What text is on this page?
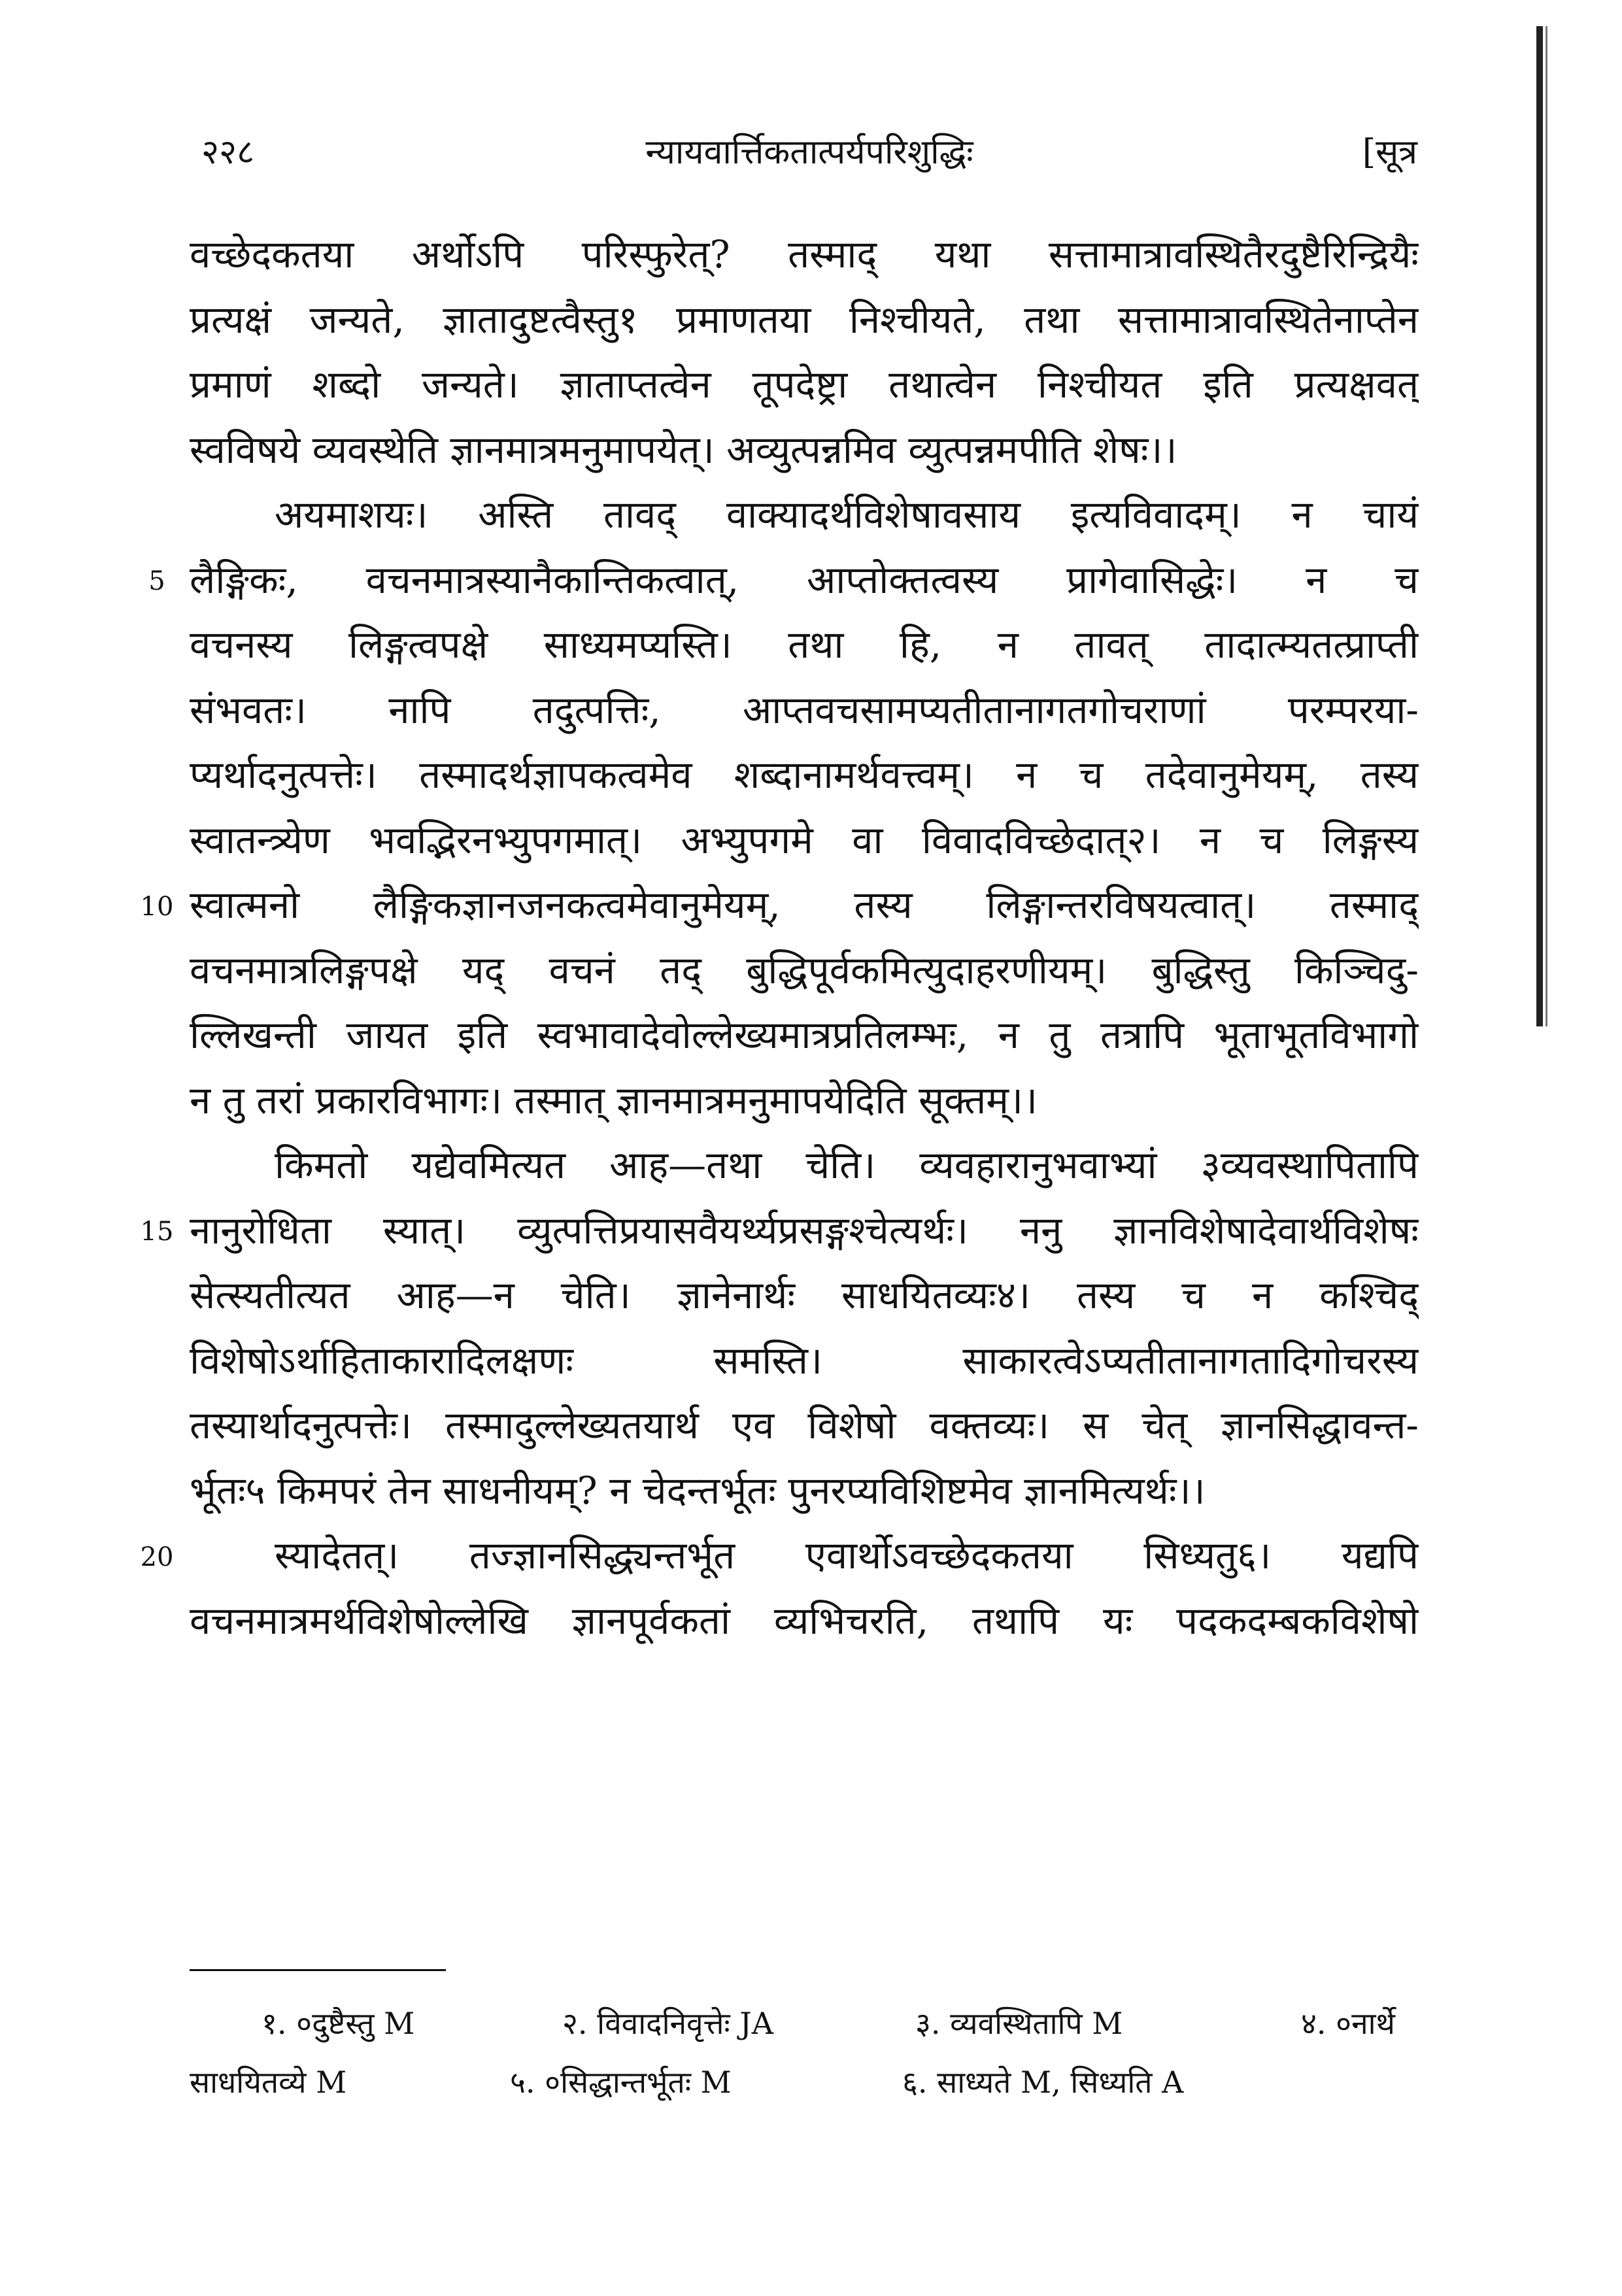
२२८	न्यायवार्त्तिकतात्पर्यपरिशुद्धिः	[सूत्र
5
10
15
20
वच्छेदकतया अर्थोऽपि परिस्फुरेत्? तस्माद् यथा सत्तामात्रावस्थितैरदुष्टैरिन्द्रियैः
प्रत्यक्षं जन्यते, ज्ञातादुष्टत्वैस्तु१ प्रमाणतया निश्चीयते, तथा सत्तामात्रावस्थितेनाप्तेन
प्रमाणं शब्दो जन्यते। ज्ञाताप्तत्वेन तूपदेष्ट्रा तथात्वेन निश्चीयत इति प्रत्यक्षवत्
स्वविषये व्यवस्थेति ज्ञानमात्रमनुमापयेत्। अव्युत्पन्नमिव व्युत्पन्नमपीति शेषः।।
अयमाशयः। अस्ति तावद् वाक्यादर्थविशेषावसाय इत्यविवादम्। न चायं
लैङ्गिकः, वचनमात्रस्यानैकान्तिकत्वात्, आप्तोक्तत्वस्य प्रागेवासिद्धेः। न च
वचनस्य लिङ्गत्वपक्षे साध्यमप्यस्ति। तथा हि, न तावत् तादात्म्यतत्प्राप्ती
संभवतः। नापि तदुत्पत्तिः, आप्तवचसामप्यतीतानागतगोचराणां परम्परया-
प्यर्थादनुत्पत्तेः। तस्मादर्थज्ञापकत्वमेव शब्दानामर्थवत्त्वम्। न च तदेवानुमेयम्, तस्य
स्वातन्त्र्येण भवद्भिरनभ्युपगमात्। अभ्युपगमे वा विवादविच्छेदात्२। न च लिङ्गस्य
स्वात्मनो लैङ्गिकज्ञानजनकत्वमेवानुमेयम्, तस्य लिङ्गान्तरविषयत्वात्। तस्माद्
वचनमात्रलिङ्गपक्षे यद् वचनं तद् बुद्धिपूर्वकमित्युदाहरणीयम्। बुद्धिस्तु किञ्चिदु-
ल्लिखन्ती जायत इति स्वभावादेवोल्लेख्यमात्रप्रतिलम्भः, न तु तत्रापि भूताभूतविभागो
न तु तरां प्रकारविभागः। तस्मात् ज्ञानमात्रमनुमापयेदिति सूक्तम्।।
किमतो यद्येवमित्यत आह—तथा चेति। व्यवहारानुभवाभ्यां ३व्यवस्थापितापि
नानुरोधिता स्यात्। व्युत्पत्तिप्रयासवैयर्थ्यप्रसङ्गश्चेत्यर्थः। ननु ज्ञानविशेषादेवार्थविशेषः
सेत्स्यतीत्यत आह—न चेति। ज्ञानेनार्थः साधयितव्यः४। तस्य च न कश्चिद्
विशेषोऽर्थाहिताकारादिलक्षणः समस्ति। साकारत्वेऽप्यतीतानागतादिगोचरस्य
तस्यार्थादनुत्पत्तेः। तस्मादुल्लेख्यतयार्थ एव विशेषो वक्तव्यः। स चेत् ज्ञानसिद्धावन्त-
र्भूतः५ किमपरं तेन साधनीयम्? न चेदन्तर्भूतः पुनरप्यविशिष्टमेव ज्ञानमित्यर्थः।।
स्यादेतत्। तज्ज्ञानसिद्ध्यन्तर्भूत एवार्थोऽवच्छेदकतया सिध्यतु६। यद्यपि
वचनमात्रमर्थविशेषोल्लेखि ज्ञानपूर्वकतां व्यभिचरति, तथापि यः पदकदम्बकविशेषो
१. ०दुष्टैस्तु M	२. विवादनिवृत्तेः JA	३. व्यवस्थितापि M	४. ०नार्थे
साधयितव्ये M	५. ०सिद्धान्तर्भूतः M	६. साध्यते M, सिध्यति A
